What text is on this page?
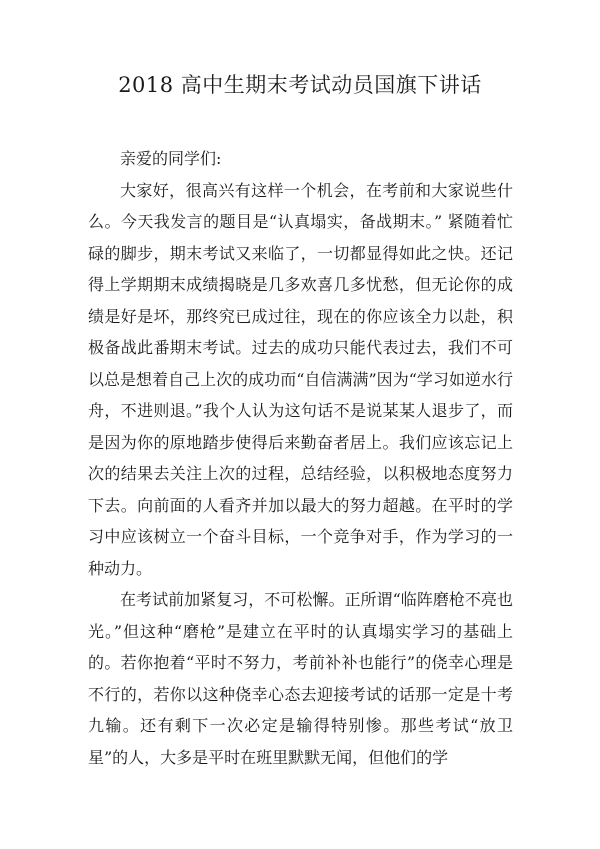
2018 高中生期末考试动员国旗下讲话

亲爱的同学们:

大家好，很高兴有这样一个机会，在考前和大家说些什么。今天我发言的题目是“认真塌实，备战期末。” 紧随着忙碌的脚步，期末考试又来临了，一切都显得如此之快。还记得上学期期末成绩揭晓是几多欢喜几多忧愁，但无论你的成绩是好是坏，那终究已成过往，现在的你应该全力以赴，积极备战此番期末考试。过去的成功只能代表过去，我们不可以总是想着自己上次的成功而“自信满满”因为“学习如逆水行舟，不进则退。”我个人认为这句话不是说某某人退步了，而是因为你的原地踏步使得后来勤奋者居上。我们应该忘记上次的结果去关注上次的过程，总结经验，以积极地态度努力下去。向前面的人看齐并加以最大的努力超越。在平时的学习中应该树立一个奋斗目标，一个竞争对手，作为学习的一种动力。

在考试前加紧复习，不可松懈。正所谓“临阵磨枪不亮也光。”但这种“磨枪”是建立在平时的认真塌实学习的基础上的。若你抱着“平时不努力，考前补补也能行”的侥幸心理是不行的，若你以这种侥幸心态去迎接考试的话那一定是十考九输。还有剩下一次必定是输得特别惨。那些考试“放卫星”的人，大多是平时在班里默默无闻，但他们的学
